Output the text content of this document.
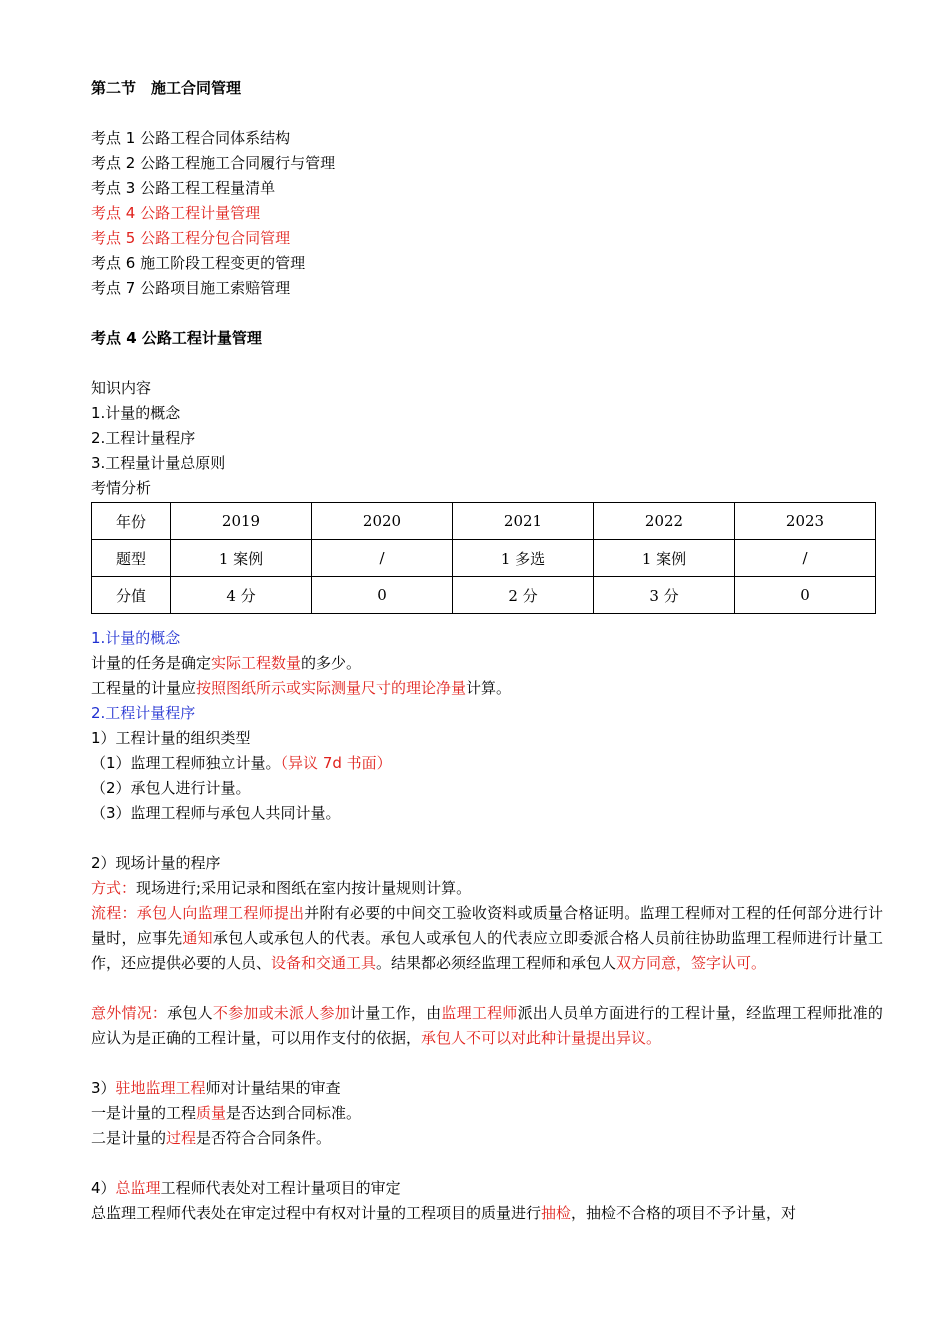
第二节　施工合同管理
考点 1 公路工程合同体系结构
考点 2 公路工程施工合同履行与管理
考点 3 公路工程工程量清单
考点 4 公路工程计量管理
考点 5 公路工程分包合同管理
考点 6 施工阶段工程变更的管理
考点 7 公路项目施工索赔管理
考点 4 公路工程计量管理
知识内容
1.计量的概念
2.工程计量程序
3.工程量计量总原则
考情分析
年份	2019	2020	2021	2022	2023
题型	1 案例	/	1 多选	1 案例	/
分值	4 分	0	2 分	3 分	0
1.计量的概念
计量的任务是确定实际工程数量的多少。
工程量的计量应按照图纸所示或实际测量尺寸的理论净量计算。
2.工程计量程序
1）工程计量的组织类型
（1）监理工程师独立计量。（异议 7d 书面）
（2）承包人进行计量。
（3）监理工程师与承包人共同计量。
2）现场计量的程序
方式：现场进行;采用记录和图纸在室内按计量规则计算。
流程：承包人向监理工程师提出并附有必要的中间交工验收资料或质量合格证明。监理工程师对工程的任何部分进行计量时，应事先通知承包人或承包人的代表。承包人或承包人的代表应立即委派合格人员前往协助监理工程师进行计量工作，还应提供必要的人员、设备和交通工具。结果都必须经监理工程师和承包人双方同意，签字认可。
意外情况：承包人不参加或未派人参加计量工作，由监理工程师派出人员单方面进行的工程计量，经监理工程师批准的应认为是正确的工程计量，可以用作支付的依据，承包人不可以对此种计量提出异议。
3）驻地监理工程师对计量结果的审查
一是计量的工程质量是否达到合同标准。
二是计量的过程是否符合合同条件。
4）总监理工程师代表处对工程计量项目的审定
总监理工程师代表处在审定过程中有权对计量的工程项目的质量进行抽检，抽检不合格的项目不予计量，对
